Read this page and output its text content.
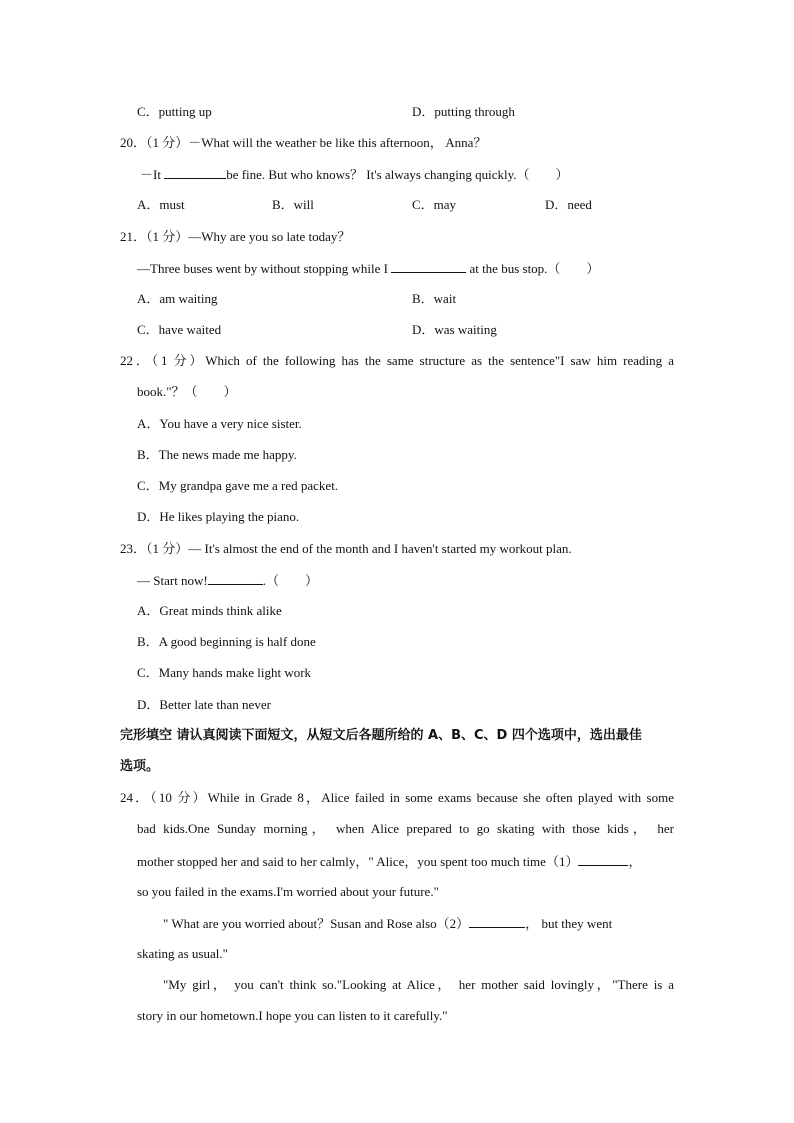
C．putting up	D．putting through
20．（1 分）－What will the weather be like this afternoon， Anna？
－It	be fine. But who knows？ It's always changing quickly.（　　）
A．must	B．will	C．may	D．need
21．（1 分）—Why are you so late today？
—Three buses went by without stopping while I	at the bus stop.（　　）
A．am waiting	B．wait
C．have waited	D．was waiting
22．（1 分）Which of the following has the same structure as the sentence"I saw him reading a
book."？（　　）
A．You have a very nice sister.
B．The news made me happy.
C．My grandpa gave me a red packet.
D．He likes playing the piano.
23．（1 分）— It's almost the end of the month and I haven't started my workout plan.
— Start now!	.（　　）
A．Great minds think alike
B．A good beginning is half done
C．Many hands make light work
D．Better late than never
完形填空 请认真阅读下面短文，从短文后各题所给的 A、B、C、D 四个选项中，选出最佳
选项。
24．（10 分）While in Grade 8，Alice failed in some exams because she often played with some
bad kids.One Sunday morning， when Alice prepared to go skating with those kids， her
mother stopped her and said to her calmly，" Alice，you spent too much time（1）	，
so you failed in the exams.I'm worried about your future."
" What are you worried about？Susan and Rose also（2）	， but they went
skating as usual."
"My girl， you can't think so."Looking at Alice， her mother said lovingly，"There is a
story in our hometown.I hope you can listen to it carefully."
